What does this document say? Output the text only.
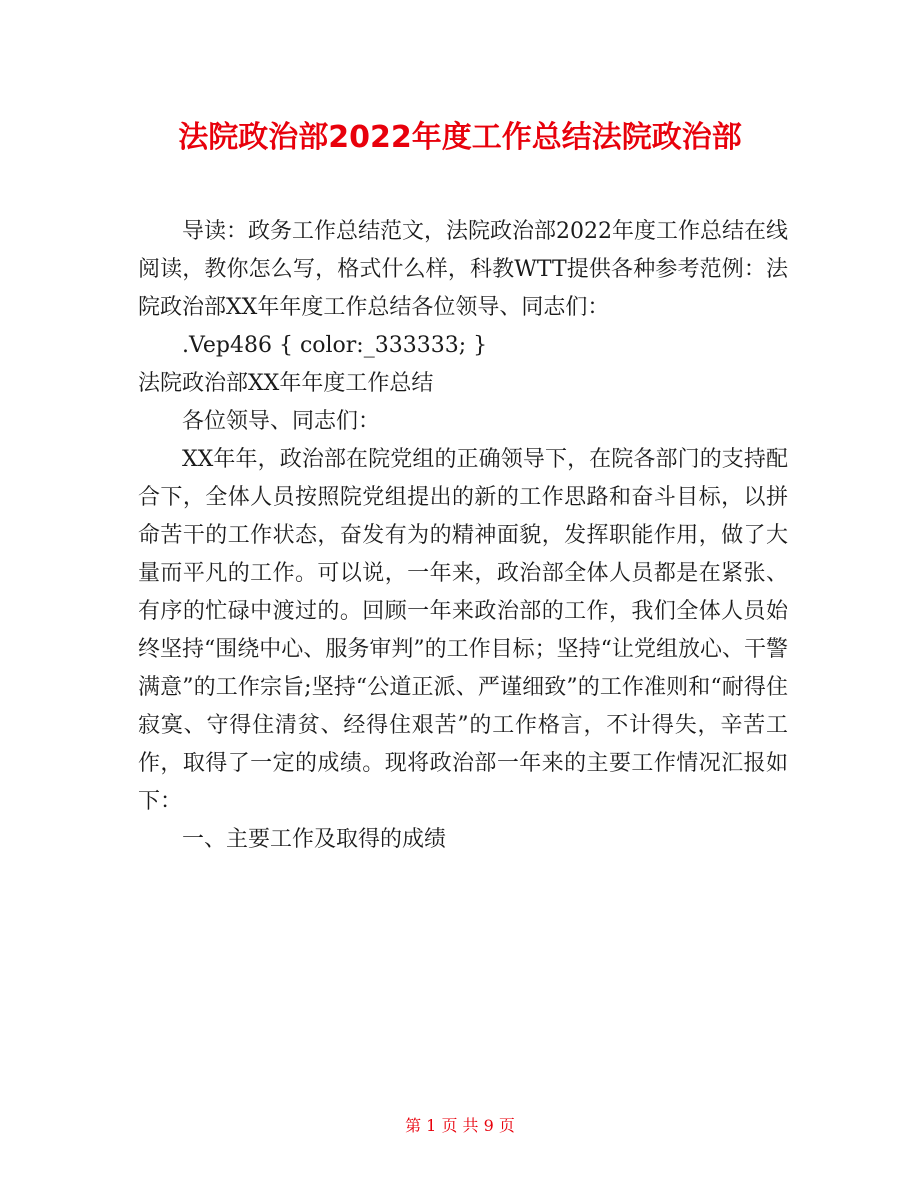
法院政治部2022年度工作总结法院政治部

导读：政务工作总结范文，法院政治部2022年度工作总结在线阅读，教你怎么写，格式什么样，科教WTT提供各种参考范例：法院政治部XX年年度工作总结各位领导、同志们：

.Vep486 { color:_333333; }

法院政治部XX年年度工作总结

各位领导、同志们：

XX年年，政治部在院党组的正确领导下，在院各部门的支持配合下，全体人员按照院党组提出的新的工作思路和奋斗目标，以拼命苦干的工作状态，奋发有为的精神面貌，发挥职能作用，做了大量而平凡的工作。可以说，一年来，政治部全体人员都是在紧张、有序的忙碌中渡过的。回顾一年来政治部的工作，我们全体人员始终坚持“围绕中心、服务审判”的工作目标；坚持“让党组放心、干警满意”的工作宗旨;坚持“公道正派、严谨细致”的工作准则和“耐得住寂寞、守得住清贫、经得住艰苦”的工作格言，不计得失，辛苦工作，取得了一定的成绩。现将政治部一年来的主要工作情况汇报如下：

一、主要工作及取得的成绩

第 1 页 共 9 页
